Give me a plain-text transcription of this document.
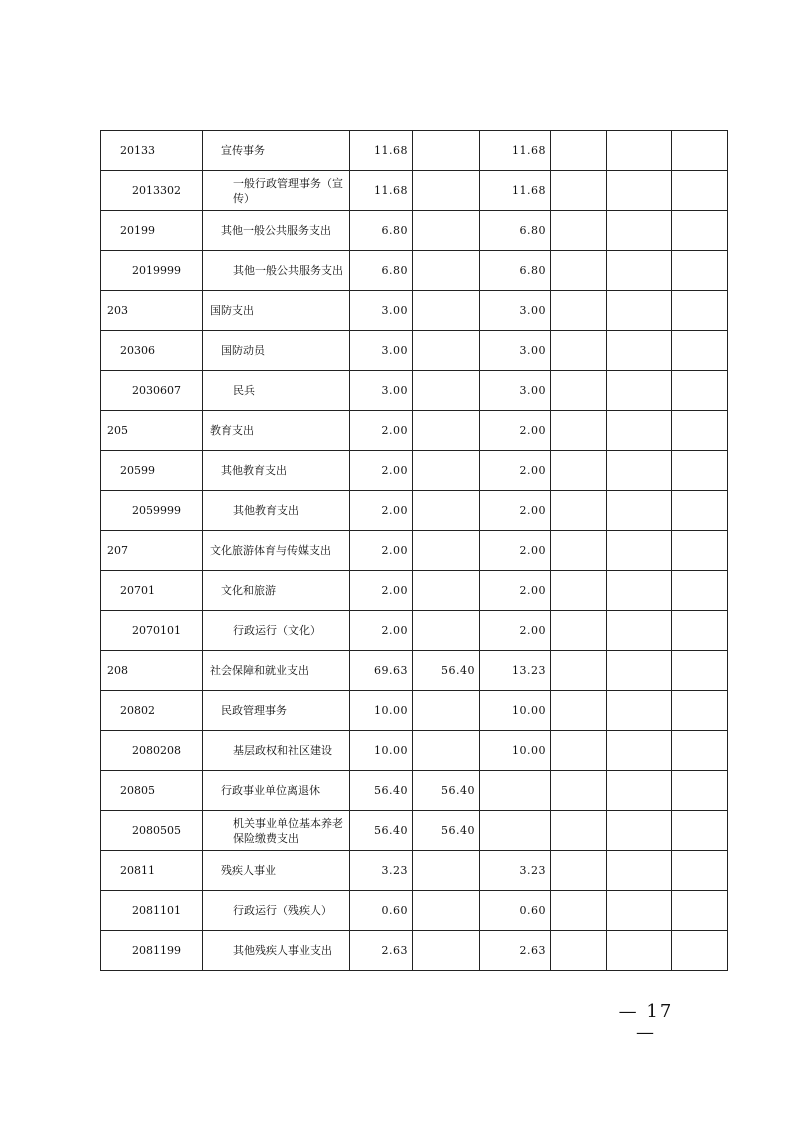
20133	宣传事务	11.68		11.68			
2013302	一般行政管理事务（宣传）	11.68		11.68			
20199	其他一般公共服务支出	6.80		6.80			
2019999	其他一般公共服务支出	6.80		6.80			
203	国防支出	3.00		3.00			
20306	国防动员	3.00		3.00			
2030607	民兵	3.00		3.00			
205	教育支出	2.00		2.00			
20599	其他教育支出	2.00		2.00			
2059999	其他教育支出	2.00		2.00			
207	文化旅游体育与传媒支出	2.00		2.00			
20701	文化和旅游	2.00		2.00			
2070101	行政运行（文化）	2.00		2.00			
208	社会保障和就业支出	69.63	56.40	13.23			
20802	民政管理事务	10.00		10.00			
2080208	基层政权和社区建设	10.00		10.00			
20805	行政事业单位离退休	56.40	56.40				
2080505	机关事业单位基本养老保险缴费支出	56.40	56.40				
20811	残疾人事业	3.23		3.23			
2081101	行政运行（残疾人）	0.60		0.60			
2081199	其他残疾人事业支出	2.63		2.63			
— 17 —
